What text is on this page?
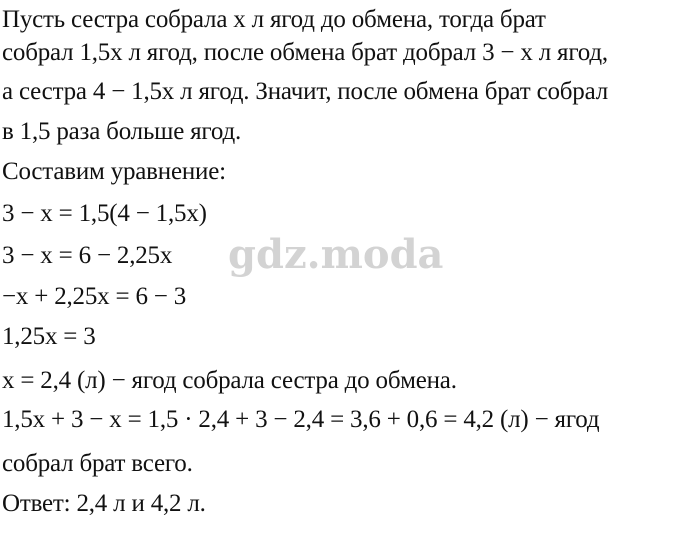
Пусть сестра собрала x л ягод до обмена, тогда брат
собрал 1,5x л ягод, после обмена брат добрал 3 − x л ягод,
а сестра 4 − 1,5x л ягод. Значит, после обмена брат собрал
в 1,5 раза больше ягод.
Составим уравнение:
3 − x = 1,5(4 − 1,5x)
3 − x = 6 − 2,25x
−x + 2,25x = 6 − 3
1,25x = 3
x = 2,4 (л) − ягод собрала сестра до обмена.
1,5x + 3 − x = 1,5 · 2,4 + 3 − 2,4 = 3,6 + 0,6 = 4,2 (л) − ягод
собрал брат всего.
Ответ: 2,4 л и 4,2 л.
gdz.moda
